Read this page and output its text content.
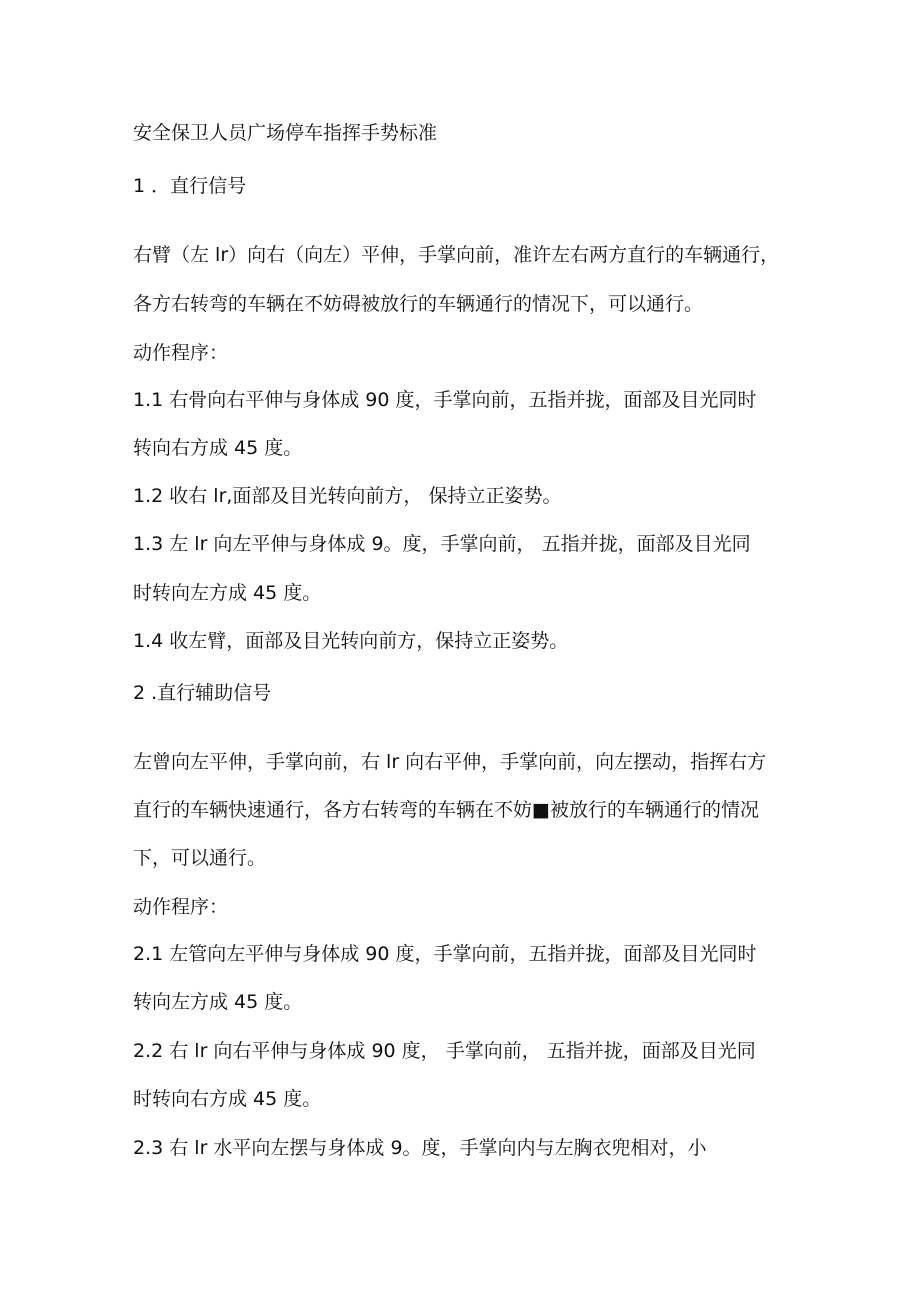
安全保卫人员广场停车指挥手势标准
1 ．直行信号
右臂（左 lr）向右（向左）平伸，手掌向前，准许左右两方直行的车辆通行，
各方右转弯的车辆在不妨碍被放行的车辆通行的情况下，可以通行。
动作程序：
1.1 右骨向右平伸与身体成 90 度，手掌向前，五指并拢，面部及目光同时
转向右方成 45 度。
1.2 收右 lr,面部及目光转向前方， 保持立正姿势。
1.3 左 lr 向左平伸与身体成 9。度，手掌向前， 五指并拢，面部及目光同
时转向左方成 45 度。
1.4 收左臂，面部及目光转向前方，保持立正姿势。
2 .直行辅助信号
左曾向左平伸，手掌向前，右 lr 向右平伸，手掌向前，向左摆动，指挥右方
直行的车辆快速通行，各方右转弯的车辆在不妨■被放行的车辆通行的情况
下，可以通行。
动作程序：
2.1 左管向左平伸与身体成 90 度，手掌向前，五指并拢，面部及目光同时
转向左方成 45 度。
2.2 右 lr 向右平伸与身体成 90 度， 手掌向前， 五指并拢，面部及目光同
时转向右方成 45 度。
2.3 右 lr 水平向左摆与身体成 9。度，手掌向内与左胸衣兜相对，小
